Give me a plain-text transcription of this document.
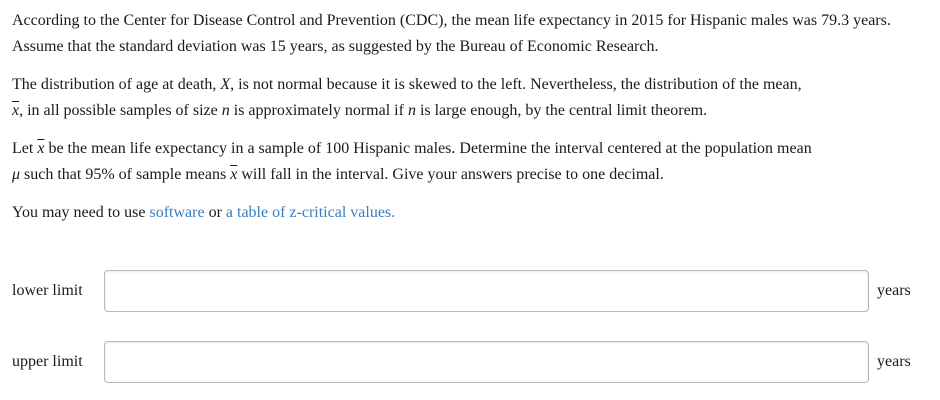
According to the Center for Disease Control and Prevention (CDC), the mean life expectancy in 2015 for Hispanic males was 79.3 years. Assume that the standard deviation was 15 years, as suggested by the Bureau of Economic Research.

The distribution of age at death, X, is not normal because it is skewed to the left. Nevertheless, the distribution of the mean,
$\overline{x}$, in all possible samples of size n is approximately normal if n is large enough, by the central limit theorem.

Let $\overline{x}$ be the mean life expectancy in a sample of 100 Hispanic males. Determine the interval centered at the population mean
μ such that 95% of sample means $\overline{x}$ will fall in the interval. Give your answers precise to one decimal.

You may need to use software or a table of z-critical values.

lower limit	years
upper limit	years
